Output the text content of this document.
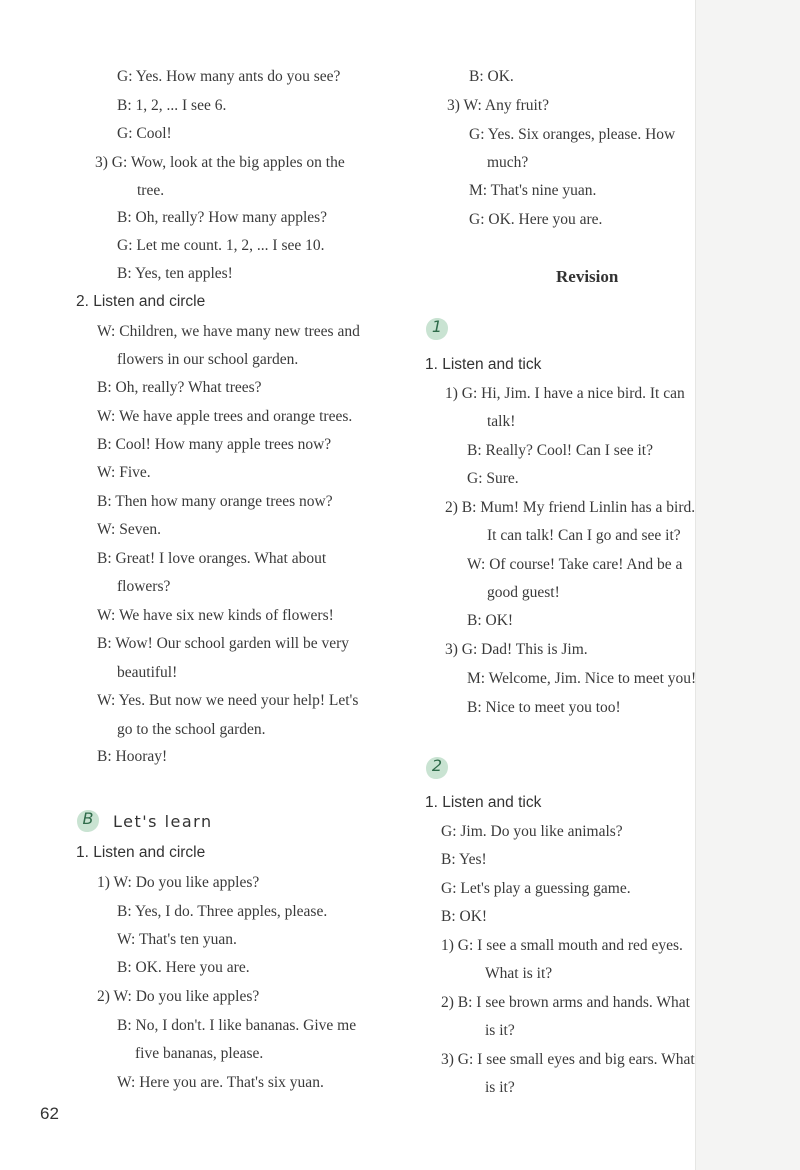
G: Yes. How many ants do you see?
B: 1, 2, ... I see 6.
G: Cool!
3) G: Wow, look at the big apples on the
tree.
B: Oh, really? How many apples?
G: Let me count. 1, 2, ... I see 10.
B: Yes, ten apples!
2. Listen and circle
W: Children, we have many new trees and
flowers in our school garden.
B: Oh, really? What trees?
W: We have apple trees and orange trees.
B: Cool! How many apple trees now?
W: Five.
B: Then how many orange trees now?
W: Seven.
B: Great! I love oranges. What about
flowers?
W: We have six new kinds of flowers!
B: Wow! Our school garden will be very
beautiful!
W: Yes. But now we need your help! Let's
go to the school garden.
B: Hooray!
B	Let's learn
1. Listen and circle
1) W: Do you like apples?
B: Yes, I do. Three apples, please.
W: That's ten yuan.
B: OK. Here you are.
2) W: Do you like apples?
B: No, I don't. I like bananas. Give me
five bananas, please.
W: Here you are. That's six yuan.
B: OK.
3) W: Any fruit?
G: Yes. Six oranges, please. How
much?
M: That's nine yuan.
G: OK. Here you are.
Revision
1
1. Listen and tick
1) G: Hi, Jim. I have a nice bird. It can
talk!
B: Really? Cool! Can I see it?
G: Sure.
2) B: Mum! My friend Linlin has a bird.
It can talk! Can I go and see it?
W: Of course! Take care! And be a
good guest!
B: OK!
3) G: Dad! This is Jim.
M: Welcome, Jim. Nice to meet you!
B: Nice to meet you too!
2
1. Listen and tick
G: Jim. Do you like animals?
B: Yes!
G: Let's play a guessing game.
B: OK!
1) G: I see a small mouth and red eyes.
What is it?
2) B: I see brown arms and hands. What
is it?
3) G: I see small eyes and big ears. What
is it?
62
